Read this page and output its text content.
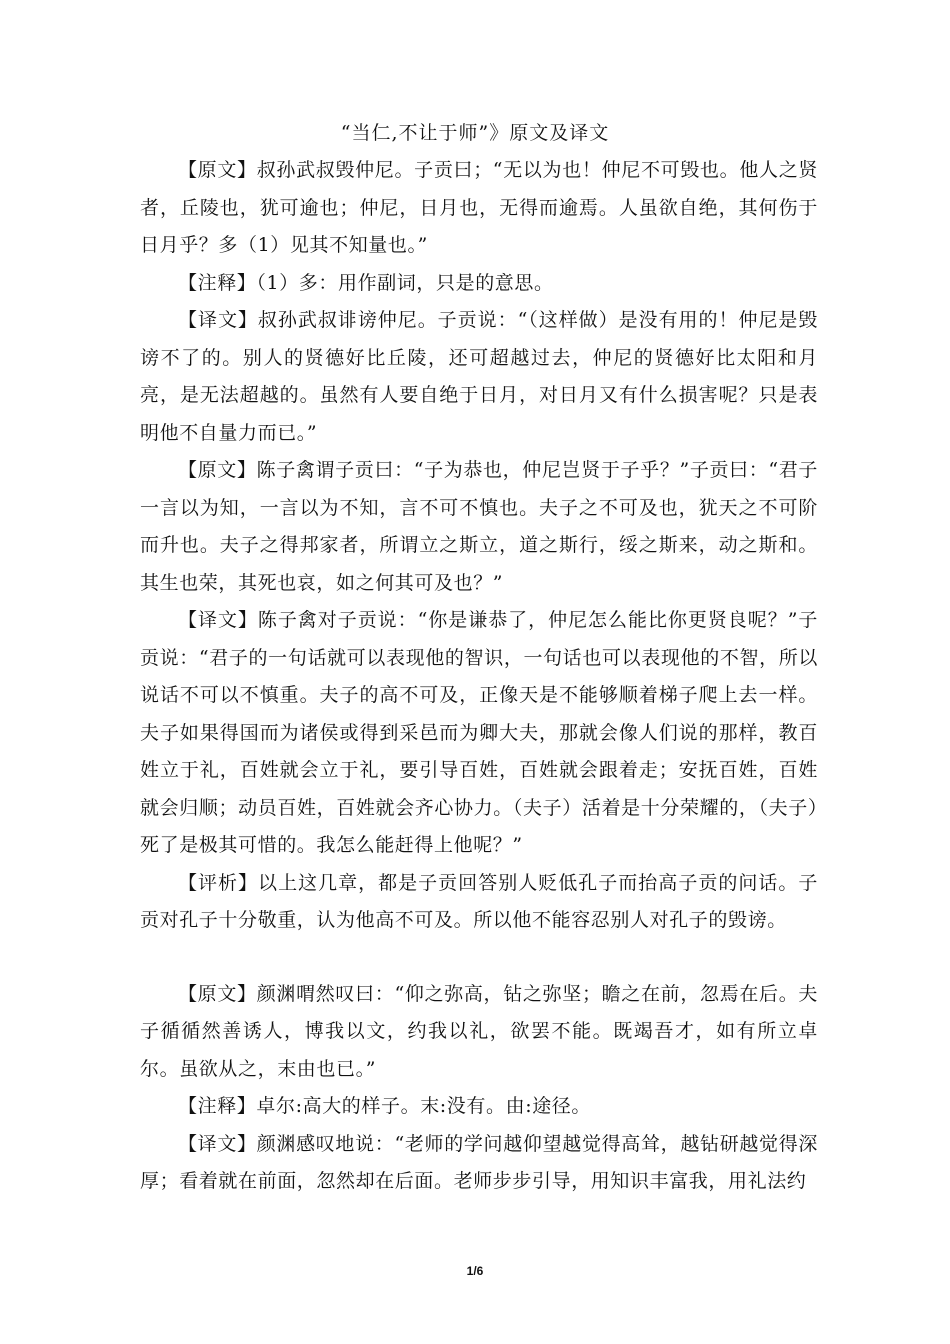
“当仁,不让于师”》原文及译文

【原文】叔孙武叔毁仲尼。子贡曰；“无以为也！仲尼不可毁也。他人之贤者，丘陵也，犹可逾也；仲尼，日月也，无得而逾焉。人虽欲自绝，其何伤于日月乎？多（1）见其不知量也。”

【注释】（1）多：用作副词，只是的意思。

【译文】叔孙武叔诽谤仲尼。子贡说：“（这样做）是没有用的！仲尼是毁谤不了的。别人的贤德好比丘陵，还可超越过去，仲尼的贤德好比太阳和月亮，是无法超越的。虽然有人要自绝于日月，对日月又有什么损害呢？只是表明他不自量力而已。”

【原文】陈子禽谓子贡曰：“子为恭也，仲尼岂贤于子乎？”子贡曰：“君子一言以为知，一言以为不知，言不可不慎也。夫子之不可及也，犹天之不可阶而升也。夫子之得邦家者，所谓立之斯立，道之斯行，绥之斯来，动之斯和。其生也荣，其死也哀，如之何其可及也？”

【译文】陈子禽对子贡说：“你是谦恭了，仲尼怎么能比你更贤良呢？”子贡说：“君子的一句话就可以表现他的智识，一句话也可以表现他的不智，所以说话不可以不慎重。夫子的高不可及，正像天是不能够顺着梯子爬上去一样。夫子如果得国而为诸侯或得到采邑而为卿大夫，那就会像人们说的那样，教百姓立于礼，百姓就会立于礼，要引导百姓，百姓就会跟着走；安抚百姓，百姓就会归顺；动员百姓，百姓就会齐心协力。（夫子）活着是十分荣耀的，（夫子）死了是极其可惜的。我怎么能赶得上他呢？”

【评析】以上这几章，都是子贡回答别人贬低孔子而抬高子贡的问话。子贡对孔子十分敬重，认为他高不可及。所以他不能容忍别人对孔子的毁谤。

【原文】颜渊喟然叹曰：“仰之弥高，钻之弥坚；瞻之在前，忽焉在后。夫子循循然善诱人，博我以文，约我以礼，欲罢不能。既竭吾才，如有所立卓尔。虽欲从之，末由也已。”

【注释】卓尔:高大的样子。末:没有。由:途径。

【译文】颜渊感叹地说：“老师的学问越仰望越觉得高耸，越钻研越觉得深厚；看着就在前面，忽然却在后面。老师步步引导，用知识丰富我，用礼法约

1/6
